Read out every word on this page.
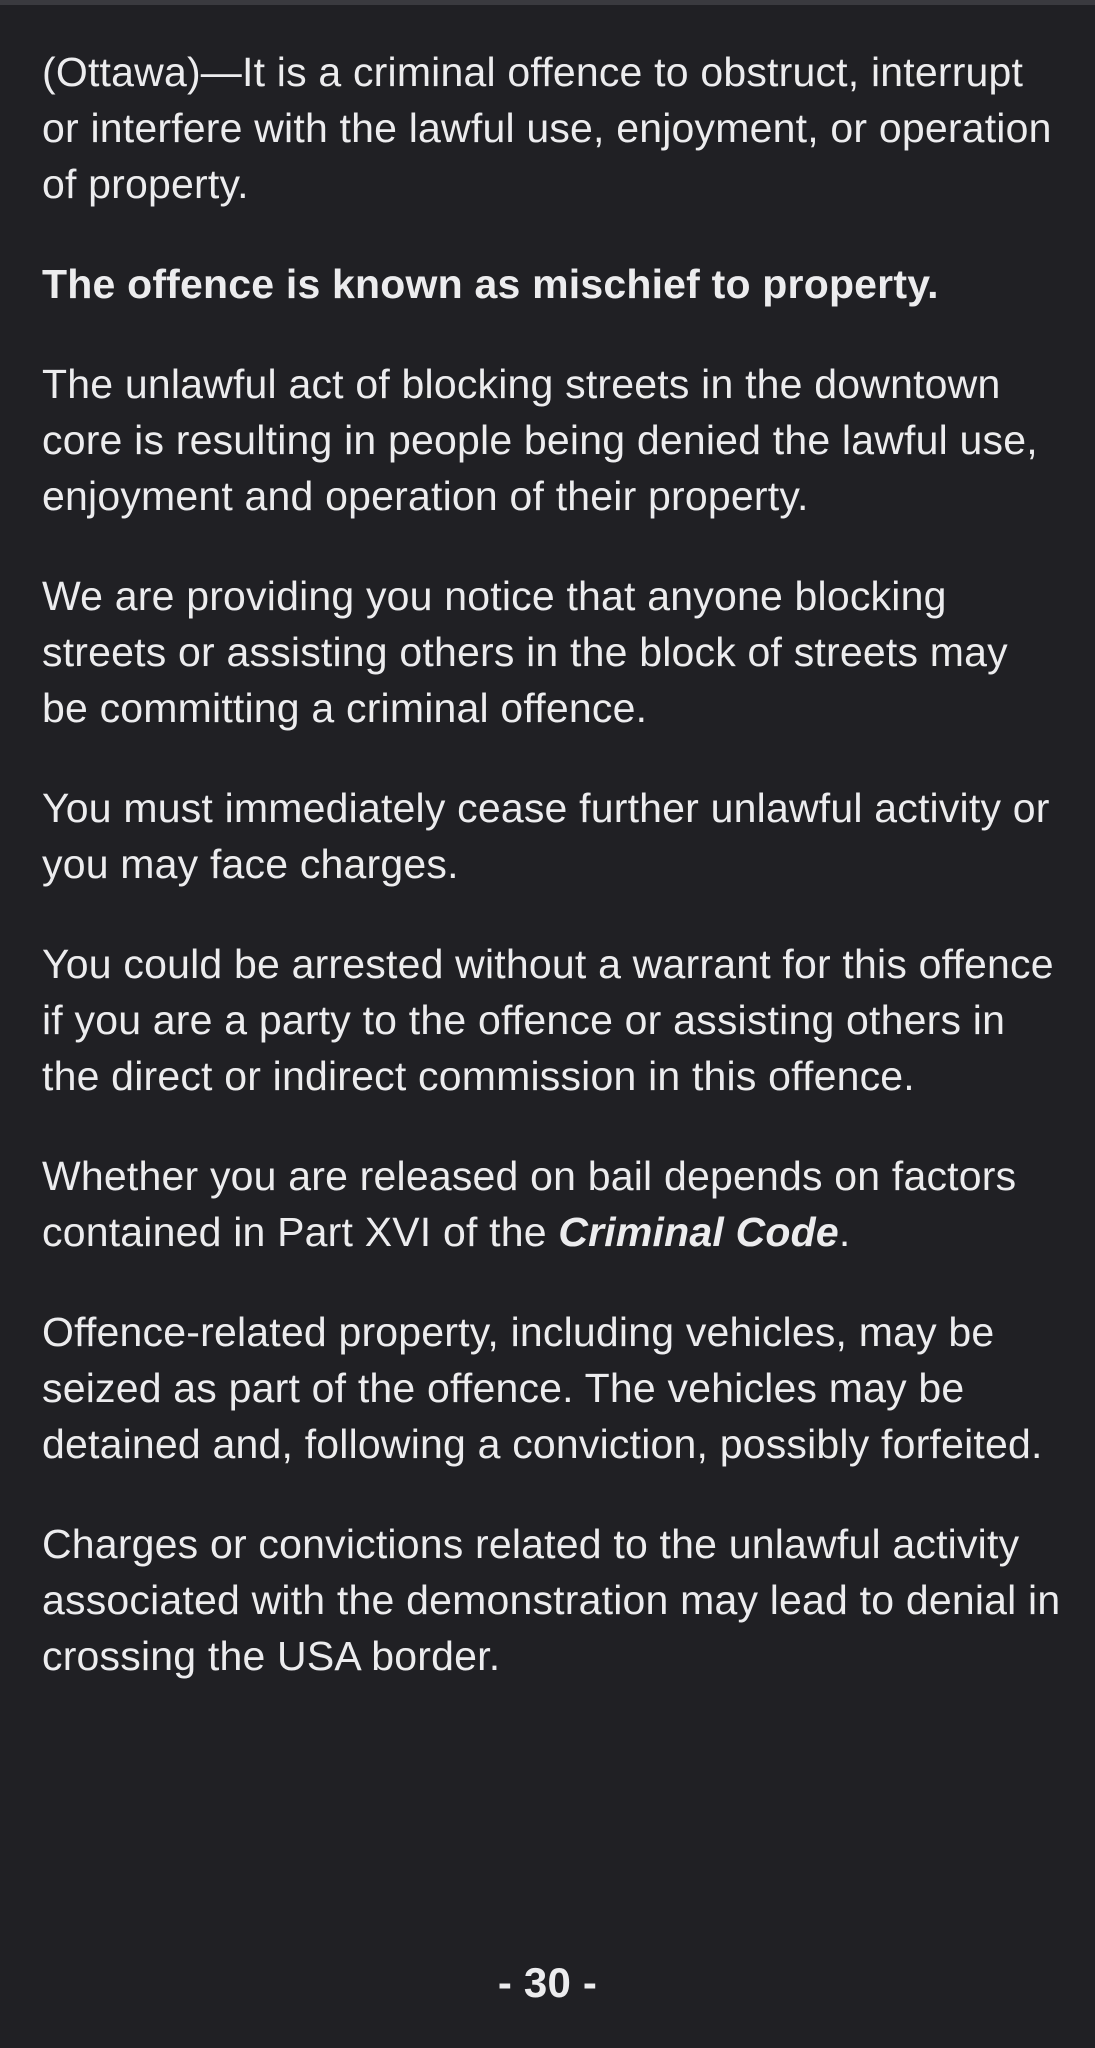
(Ottawa)—It is a criminal offence to obstruct, interrupt or interfere with the lawful use, enjoyment, or operation of property.

The offence is known as mischief to property.

The unlawful act of blocking streets in the downtown core is resulting in people being denied the lawful use, enjoyment and operation of their property.

We are providing you notice that anyone blocking streets or assisting others in the block of streets may be committing a criminal offence.

You must immediately cease further unlawful activity or you may face charges.

You could be arrested without a warrant for this offence if you are a party to the offence or assisting others in the direct or indirect commission in this offence.

Whether you are released on bail depends on factors contained in Part XVI of the Criminal Code.

Offence-related property, including vehicles, may be seized as part of the offence. The vehicles may be detained and, following a conviction, possibly forfeited.

Charges or convictions related to the unlawful activity associated with the demonstration may lead to denial in crossing the USA border.

- 30 -
